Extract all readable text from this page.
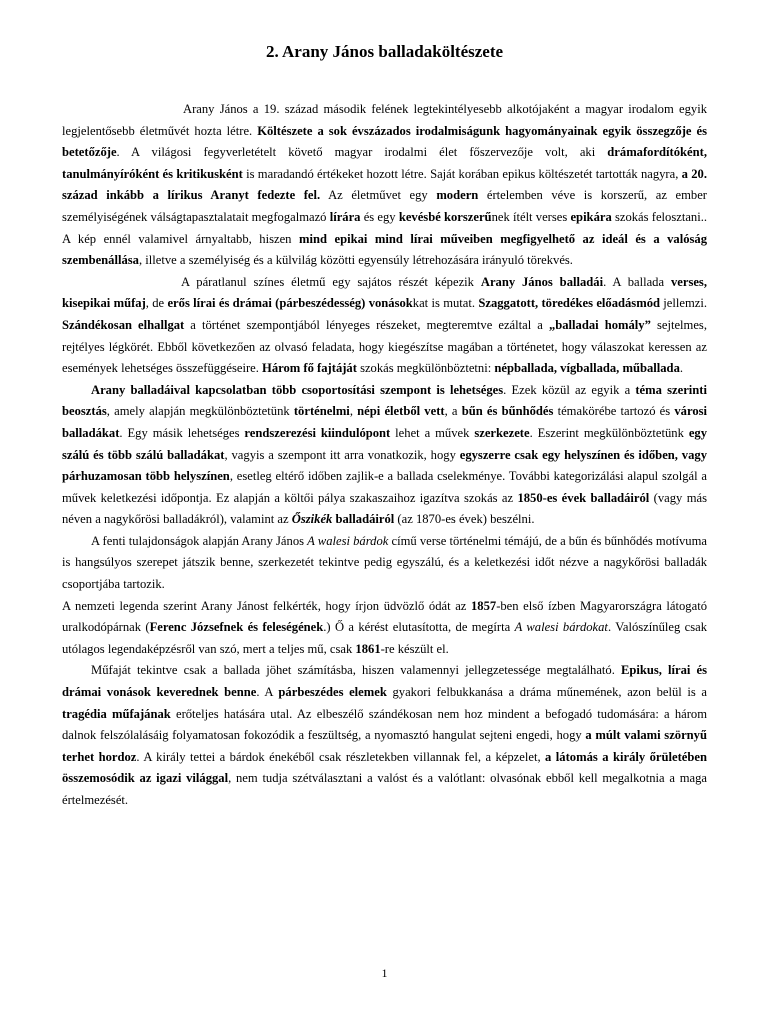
2. Arany János balladaköltészete

Arany János a 19. század második felének legtekintélyesebb alkotójaként a magyar irodalom egyik legjelentősebb életművét hozta létre. Költészete a sok évszázados irodalmiságunk hagyományainak egyik összegzője és betetőzője. A világosi fegyverletételt követő magyar irodalmi élet főszervezője volt, aki drámafordítóként, tanulmányíróként és kritikusként is maradandó értékeket hozott létre. Saját korában epikus költészetét tartották nagyra, a 20. század inkább a lírikus Aranyt fedezte fel. Az életművet egy modern értelemben véve is korszerű, az ember személyiségének válságtapasztalatait megfogalmazó lírára és egy kevésbé korszerűnek ítélt verses epikára szokás felosztani.. A kép ennél valamivel árnyaltabb, hiszen mind epikai mind lírai műveiben megfigyelhető az ideál és a valóság szembenállása, illetve a személyiség és a külvilág közötti egyensúly létrehozására irányuló törekvés.

A páratlanul színes életmű egy sajátos részét képezik Arany János balladái. A ballada verses, kisepikai műfaj, de erős lírai és drámai (párbeszédesség) vonásokkat is mutat. Szaggatott, töredékes előadásmód jellemzi. Szándékosan elhallgat a történet szempontjából lényeges részeket, megteremtve ezáltal a „balladai homály” sejtelmes, rejtélyes légkörét. Ebből következően az olvasó feladata, hogy kiegészítse magában a történetet, hogy válaszokat keressen az események lehetséges összefüggéseire. Három fő fajtáját szokás megkülönböztetni: népballada, vígballada, műballada.

Arany balladáival kapcsolatban több csoportosítási szempont is lehetséges. Ezek közül az egyik a téma szerinti beosztás, amely alapján megkülönböztetünk történelmi, népi életből vett, a bűn és bűnhődés témakörébe tartozó és városi balladákat. Egy másik lehetséges rendszerezési kiindulópont lehet a művek szerkezete. Eszerint megkülönböztetünk egy szálú és több szálú balladákat, vagyis a szempont itt arra vonatkozik, hogy egyszerre csak egy helyszínen és időben, vagy párhuzamosan több helyszínen, esetleg eltérő időben zajlik-e a ballada cselekménye. További kategorizálási alapul szolgál a művek keletkezési időpontja. Ez alapján a költői pálya szakaszaihoz igazítva szokás az 1850-es évek balladáiról (vagy más néven a nagykőrösi balladákról), valamint az Őszikék balladáiról (az 1870-es évek) beszélni.

A fenti tulajdonságok alapján Arany János A walesi bárdok című verse történelmi témájú, de a bűn és bűnhődés motívuma is hangsúlyos szerepet játszik benne, szerkezetét tekintve pedig egyszálú, és a keletkezési időt nézve a nagykőrösi balladák csoportjába tartozik.

A nemzeti legenda szerint Arany Jánost felkérték, hogy írjon üdvözlő ódát az 1857-ben első ízben Magyarországra látogató uralkodópárnak (Ferenc Józsefnek és feleségének.) Ő a kérést elutasította, de megírta A walesi bárdokat. Valószínűleg csak utólagos legendaképzésről van szó, mert a teljes mű, csak 1861-re készült el.

Műfaját tekintve csak a ballada jöhet számításba, hiszen valamennyi jellegzetessége megtalálható. Epikus, lírai és drámai vonások keverednek benne. A párbeszédes elemek gyakori felbukkanása a dráma műnemének, azon belül is a tragédia műfajának erőteljes hatására utal. Az elbeszélő szándékosan nem hoz mindent a befogadó tudomására: a három dalnok felszólalásáig folyamatosan fokozódik a feszültség, a nyomasztó hangulat sejteni engedi, hogy a múlt valami szörnyű terhet hordoz. A király tettei a bárdok énekéből csak részletekben villannak fel, a képzelet, a látomás a király őrületében összemosódik az igazi világgal, nem tudja szétválasztani a valóst és a valótlant: olvasónak ebből kell megalkotnia a maga értelmezését.

1
